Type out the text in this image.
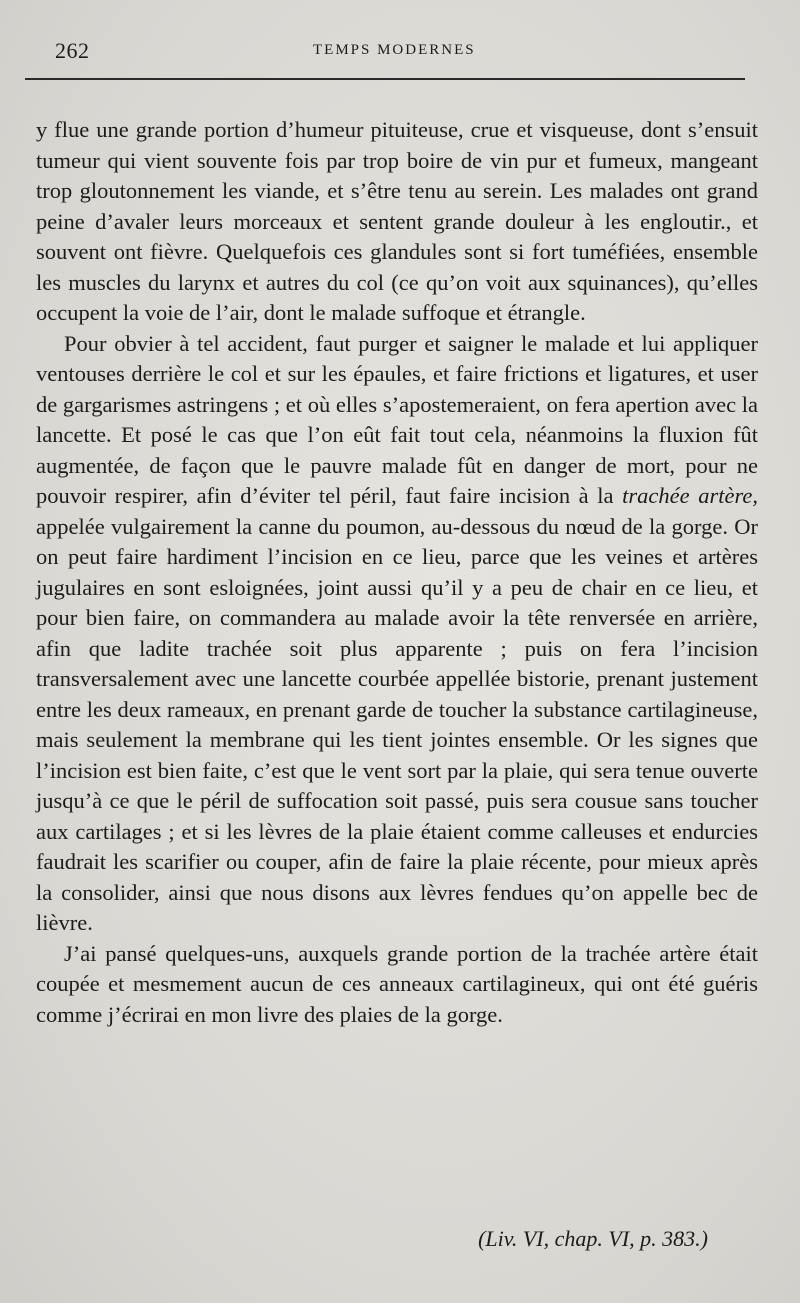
262	TEMPS MODERNES

y flue une grande portion d’humeur pituiteuse, crue et visqueuse, dont s’ensuit tumeur qui vient souvente fois par trop boire de vin pur et fumeux, mangeant trop gloutonnement les viande, et s’être tenu au serein. Les malades ont grand peine d’avaler leurs morceaux et sentent grande douleur à les engloutir., et souvent ont fièvre. Quelquefois ces glandules sont si fort tuméfiées, ensemble les muscles du larynx et autres du col (ce qu’on voit aux squinances), qu’elles occupent la voie de l’air, dont le malade suffoque et étrangle.

Pour obvier à tel accident, faut purger et saigner le malade et lui appliquer ventouses derrière le col et sur les épaules, et faire frictions et ligatures, et user de gargarismes astringens ; et où elles s’apostemeraient, on fera apertion avec la lancette. Et posé le cas que l’on eût fait tout cela, néanmoins la fluxion fût augmentée, de façon que le pauvre malade fût en danger de mort, pour ne pouvoir respirer, afin d’éviter tel péril, faut faire incision à la trachée artère, appelée vulgairement la canne du poumon, au-dessous du nœud de la gorge. Or on peut faire hardiment l’incision en ce lieu, parce que les veines et artères jugulaires en sont esloignées, joint aussi qu’il y a peu de chair en ce lieu, et pour bien faire, on commandera au malade avoir la tête renversée en arrière, afin que ladite trachée soit plus apparente ; puis on fera l’incision transversalement avec une lancette courbée appellée bistorie, prenant justement entre les deux rameaux, en prenant garde de toucher la substance cartilagineuse, mais seulement la membrane qui les tient jointes ensemble. Or les signes que l’incision est bien faite, c’est que le vent sort par la plaie, qui sera tenue ouverte jusqu’à ce que le péril de suffocation soit passé, puis sera cousue sans toucher aux cartilages ; et si les lèvres de la plaie étaient comme calleuses et endurcies faudrait les scarifier ou couper, afin de faire la plaie récente, pour mieux après la consolider, ainsi que nous disons aux lèvres fendues qu’on appelle bec de lièvre.

J’ai pansé quelques-uns, auxquels grande portion de la trachée artère était coupée et mesmement aucun de ces anneaux cartilagineux, qui ont été guéris comme j’écrirai en mon livre des plaies de la gorge.

(Liv. VI, chap. VI, p. 383.)
